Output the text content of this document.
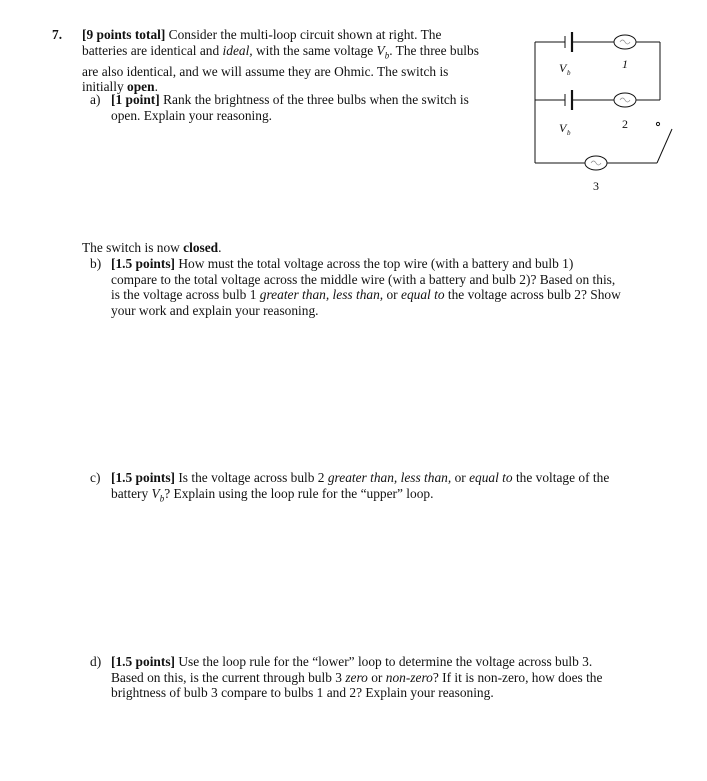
7. [9 points total] Consider the multi-loop circuit shown at right. The
batteries are identical and ideal, with the same voltage $V_b$. The three bulbs
are also identical, and we will assume they are Ohmic. The switch is
initially open.
a) [1 point] Rank the brightness of the three bulbs when the switch is
open. Explain your reasoning.
The switch is now closed.
b) [1.5 points] How must the total voltage across the top wire (with a battery and bulb 1)
compare to the total voltage across the middle wire (with a battery and bulb 2)? Based on this,
is the voltage across bulb 1 greater than, less than, or equal to the voltage across bulb 2? Show
your work and explain your reasoning.
c) [1.5 points] Is the voltage across bulb 2 greater than, less than, or equal to the voltage of the
battery $V_b$? Explain using the loop rule for the “upper” loop.
d) [1.5 points] Use the loop rule for the “lower” loop to determine the voltage across bulb 3.
Based on this, is the current through bulb 3 zero or non-zero? If it is non-zero, how does the
brightness of bulb 3 compare to bulbs 1 and 2? Explain your reasoning.
V b
V b
1
2
3
